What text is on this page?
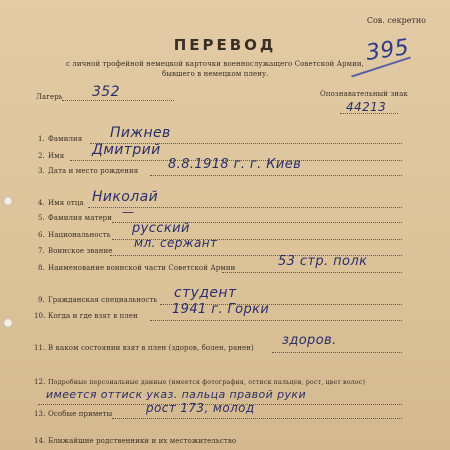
Сов. секретно
395
ПЕРЕВОД
с личной трофейной немецкой карточки военнослужащего Советской Армии,
бывшего в немецком плену.
Лагерь 352	Опознавательный знак
44213
1. Фамилия Пижнев
2. Имя Дмитрий
3. Дата и место рождения 8.8.1918 г. г. Киев
4. Имя отца Николай
5. Фамилия матери —
6. Национальность русский
7. Воинское звание
мл. сержант
8. Наименование воинской части Советской Армии	53 стр. полк
9. Гражданская специальность студент
10. Когда и где взят в плен	1941 г. Горки
11. В каком состоянии взят в плен (здоров, болен, ранен) здоров.
12. Подробные персональные данные (имеется фотография, оттиск пальцев, рост, цвет волос)
имеется оттиск указ. пальца правой руки
13. Особые приметы	рост 173, молод
14. Ближайшие родственники и их местожительство
